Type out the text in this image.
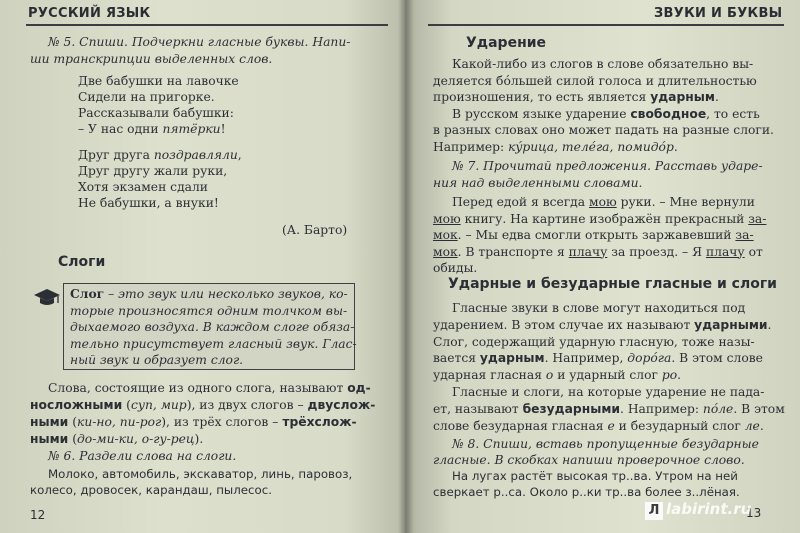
РУССКИЙ ЯЗЫК
№ 5. Спиши. Подчеркни гласные буквы. Напи-
ши транскрипции выделенных слов.
Две бабушки на лавочке
Сидели на пригорке.
Рассказывали бабушки:
– У нас одни пятёрки!
Друг друга поздравляли,
Друг другу жали руки,
Хотя экзамен сдали
Не бабушки, а внуки!
(А. Барто)
Слоги
Слог – это звук или несколько звуков, ко-
торые произносятся одним толчком вы-
дыхаемого воздуха. В каждом слоге обяза-
тельно присутствует гласный звук. Глас-
ный звук и образует слог.
Слова, состоящие из одного слога, называют од-
носложными (суп, мир), из двух слогов – двуслож-
ными (ки-но, пи-рог), из трёх слогов – трёхслож-
ными (до-ми-ки, о-гу-рец).
№ 6. Раздели слова на слоги.
Молоко, автомобиль, экскаватор, линь, паровоз,
колесо, дровосек, карандаш, пылесос.
12
ЗВУКИ И БУКВЫ
Ударение
Какой-либо из слогов в слове обязательно вы-
деляется бóльшей силой голоса и длительностью
произношения, то есть является ударным.
В русском языке ударение свободное, то есть
в разных словах оно может падать на разные слоги.
Например: кýрица, телéга, помидóр.
№ 7. Прочитай предложения. Расставь ударе-
ния над выделенными словами.
Перед едой я всегда мою руки. – Мне вернули
мою книгу. На картине изображён прекрасный за-
мок. – Мы едва смогли открыть заржавевший за-
мок. В транспорте я плачу за проезд. – Я плачу от
обиды.
Ударные и безударные гласные и слоги
Гласные звуки в слове могут находиться под
ударением. В этом случае их называют ударными.
Слог, содержащий ударную гласную, тоже назы-
вается ударным. Например, дорóга. В этом слове
ударная гласная о и ударный слог ро.
Гласные и слоги, на которые ударение не пада-
ет, называют безударными. Например: пóле. В этом
слове безударная гласная е и безударный слог ле.
№ 8. Спиши, вставь пропущенные безударные
гласные. В скобках напиши проверочное слово.
На лугах растёт высокая тр..ва. Утром на ней
сверкает р..са. Около р..ки тр..ва более з..лёная.
13
Л labirint.ru
